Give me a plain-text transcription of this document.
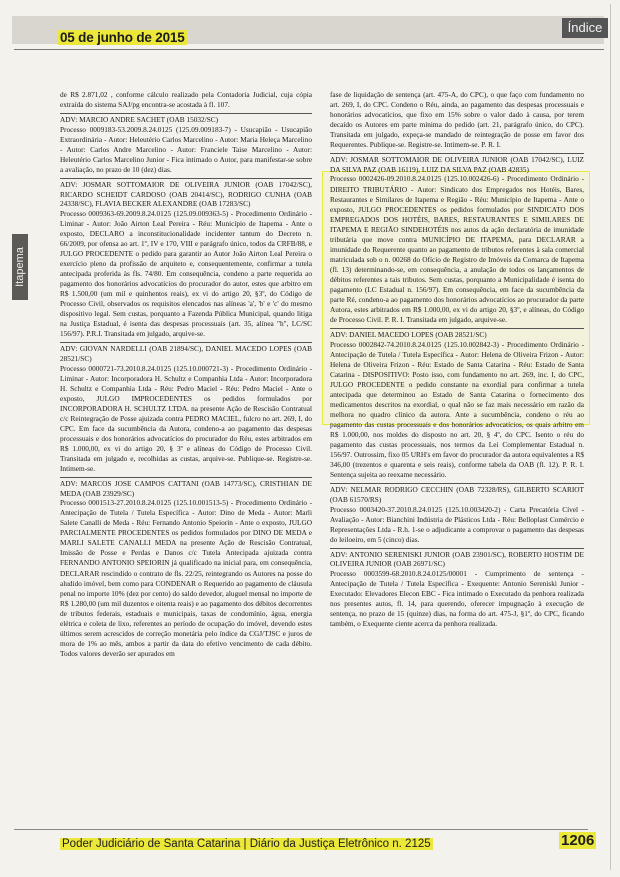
Índice
05 de junho de 2015
Itapema

de R$ 2.871,02 , conforme cálculo realizado pela Contadoria Judicial, cuja cópia extraída do sistema SAJ/pg encontra-se acostada à fl. 107.

ADV: MARCIO ANDRE SACHET (OAB 15032/SC)

Processo 0009183-53.2009.8.24.0125 (125.09.009183-7) - Usucapião - Usucapião Extraordinária - Autor: Heleutério Carlos Marcelino - Autor: Maria Heleça Marcelino - Autor: Carlos Andre Marcelino - Autor: Franciele Taise Marcelino - Autor: Heleutério Carlos Marcelino Junior - Fica intimado o Autor, para manifestar-se sobre a avaliação, no prazo de 10 (dez) dias.

ADV: JOSMAR SOTTOMAIOR DE OLIVEIRA JUNIOR (OAB 17042/SC), RICARDO SCHEIDT CARDOSO (OAB 20414/SC), RODRIGO CUNHA (OAB 24338/SC), FLAVIA BECKER ALEXANDRE (OAB 17283/SC)

Processo 0009363-69.2009.8.24.0125 (125.09.009363-5) - Procedimento Ordinário - Liminar - Autor: João Airton Leal Pereira - Réu: Município de Itapema - Ante o exposto, DECLARO a inconstitucionalidade incidenter tantum do Decreto n. 66/2009, por ofensa ao art. 1º, IV e 170, VIII e parágrafo único, todos da CRFB/88, e JULGO PROCEDENTE o pedido para garantir ao Autor João Airton Leal Pereira o exercício pleno da profissão de arquiteto e, consequentemente, confirmar a tutela antecipada proferida às fls. 74/80. Em consequência, condeno a parte requerida ao pagamento dos honorários advocatícios do procurador do autor, estes que arbitro em R$ 1.500,00 (um mil e quinhentos reais), ex vi do artigo 20, §3º, do Código de Processo Civil, observados os requisitos elencados nas alíneas 'a', 'b' e 'c' do mesmo dispositivo legal. Sem custas, porquanto a Fazenda Pública Municipal, quando litiga na Justiça Estadual, é isenta das despesas processuais (art. 35, alínea "h", LC/SC 156/97). P.R.I. Transitada em julgado, arquive-se.

ADV: GIOVAN NARDELLI (OAB 21894/SC), DANIEL MACEDO LOPES (OAB 28521/SC)

Processo 0000721-73.2010.8.24.0125 (125.10.000721-3) - Procedimento Ordinário - Liminar - Autor: Incorporadora H. Schultz e Companhia Ltda - Autor: Incorporadora H. Schultz e Companhia Ltda - Réu: Pedro Maciel - Réu: Pedro Maciel - Ante o exposto, JULGO IMPROCEDENTES os pedidos formulados por INCORPORADORA H. SCHULTZ LTDA. na presente Ação de Rescisão Contratual c/c Reintegração de Posse ajuizada contra PEDRO MACIEL, fulcro no art. 269, I, do CPC. Em face da sucumbência da Autora, condeno-a ao pagamento das despesas processuais e dos honorários advocatícios do procurador do Réu, estes arbitrados em R$ 1.000,00, ex vi do artigo 20, § 3º e alíneas do Código de Processo Civil. Transitada em julgado e, recolhidas as custas, arquive-se. Publique-se. Registre-se. Intimem-se.

ADV: MARCOS JOSE CAMPOS CATTANI (OAB 14773/SC), CRISTHIAN DE MEDA (OAB 23929/SC)

Processo 0001513-27.2010.8.24.0125 (125.10.001513-5) - Procedimento Ordinário - Antecipação de Tutela / Tutela Específica - Autor: Dino de Meda - Autor: Marli Salete Canalli de Meda - Réu: Fernando Antonio Speiorin - Ante o exposto, JULGO PARCIALMENTE PROCEDENTES os pedidos formulados por DINO DE MEDA e MARLI SALETE CANALLI MEDA na presente Ação de Rescisão Contratual, Imissão de Posse e Perdas e Danos c/c Tutela Antecipada ajuizada contra FERNANDO ANTONIO SPEIORIN já qualificado na inicial para, em consequência, DECLARAR rescindido o contrato de fls. 22/25, reintegrando os Autores na posse do aludido imóvel, bem como para CONDENAR o Requerido ao pagamento de cláusula penal no importe 10% (dez por cento) do saldo devedor, aluguel mensal no importe de R$ 1.280,00 (um mil duzentos e oitenta reais) e ao pagamento dos débitos decorrentes de tributos federais, estaduais e municipais, taxas de condomínio, água, energia elétrica e coleta de lixo, referentes ao período de ocupação do imóvel, devendo estes últimos serem acrescidos de correção monetária pelo índice da CGJ/TJSC e juros de mora de 1% ao mês, ambos a partir da data do efetivo vencimento de cada débito. Todos valores deverão ser apurados em

fase de liquidação de sentença (art. 475-A, do CPC), o que faço com fundamento no art. 269, I, do CPC. Condeno o Réu, ainda, ao pagamento das despesas processuais e honorários advocatícios, que fixo em 15% sobre o valor dado à causa, por terem decaído os Autores em parte mínima do pedido (art. 21, parágrafo único, do CPC). Transitada em julgado, expeça-se mandado de reintegração de posse em favor dos Requerentes. Publique-se. Registre-se. Intimem-se. P. R. I.

ADV: JOSMAR SOTTOMAIOR DE OLIVEIRA JUNIOR (OAB 17042/SC), LUIZ DA SILVA PAZ (OAB 16119), LUIZ DA SILVA PAZ (OAB 42835)

Processo 0002426-09.2010.8.24.0125 (125.10.002426-6) - Procedimento Ordinário - DIREITO TRIBUTÁRIO - Autor: Sindicato dos Empregados nos Hotéis, Bares, Restaurantes e Similares de Itapema e Região - Réu: Município de Itapema - Ante o exposto, JULGO PROCEDENTES os pedidos formulados por SINDICATO DOS EMPREGADOS DOS HOTÉIS, BARES, RESTAURANTES E SIMILARES DE ITAPEMA E REGIÃO SINDEHOTÉIS nos autos da ação declaratória de imunidade tributária que move contra MUNICÍPIO DE ITAPEMA, para DECLARAR a imunidade do Requerente quanto ao pagamento de tributos referentes à sala comercial matriculada sob o n. 00268 do Ofício de Registro de Imóveis da Comarca de Itapema (fl. 13) determinando-se, em consequência, a anulação de todos os lançamentos de débitos referentes a tais tributos. Sem custas, porquanto a Municipalidade é isenta do pagamento (LC Estadual n. 156/97). Em consequência, em face da sucumbência da parte Ré, condeno-a ao pagamento dos honorários advocatícios ao procurador da parte Autora, estes arbitrados em R$ 1.000,00, ex vi do artigo 20, §3º, e alíneas, do Código de Processo Civil. P. R. I. Transitada em julgado, arquive-se.

ADV: DANIEL MACEDO LOPES (OAB 28521/SC)

Processo 0002842-74.2010.8.24.0125 (125.10.002842-3) - Procedimento Ordinário - Antecipação de Tutela / Tutela Específica - Autor: Helena de Oliveira Frizon - Autor: Helena de Oliveira Frizon - Réu: Estado de Santa Catarina - Réu: Estado de Santa Catarina - DISPOSITIVO: Posto isso, com fundamento no art. 269, inc. I, do CPC, JULGO PROCEDENTE o pedido constante na exordial para confirmar a tutela antecipada que determinou ao Estado de Santa Catarina o fornecimento dos medicamentos descritos na exordial, o qual não se faz mais necessário em razão da melhora no quadro clínico da autora. Ante a sucumbência, condeno o réu ao pagamento das custas processuais e dos honorários advocatícios, os quais arbitro em R$ 1.000,00, nos moldes do disposto no art. 20, § 4º, do CPC. Isento o réu do pagamento das custas processuais, nos termos da Lei Complementar Estadual n. 156/97. Outrossim, fixo 05 URH's em favor do procurador da autora equivalentes a R$ 346,00 (trezentos e quarenta e seis reais), conforme tabela da OAB (fl. 12). P. R. I. Sentença sujeita ao reexame necessário.

ADV: NELMAR RODRIGO CECCHIN (OAB 72328/RS), GILBERTO SCARIOT (OAB 61570/RS)

Processo 0003420-37.2010.8.24.0125 (125.10.003420-2) - Carta Precatória Cível - Avaliação - Autor: Bianchini Indústria de Plásticos Ltda - Réu: Belloplast Comércio e Representações Ltda - R.h. 1-se o adjudicante a comprovar o pagamento das despesas do leiloeiro, em 5 (cinco) dias.

ADV: ANTONIO SERENISKI JUNIOR (OAB 23901/SC), ROBERTO HOSTIM DE OLIVEIRA JUNIOR (OAB 26971/SC)

Processo 0003599-68.2010.8.24.0125/00001 - Cumprimento de sentença - Antecipação de Tutela / Tutela Específica - Exequente: Antonio Sereniski Junior - Executado: Elevadores Elecon EBC - Fica intimado o Executado da penhora realizada nos presentes autos, fl. 14, para querendo, oferecer impugnação à execução de sentença, no prazo de 15 (quinze) dias, na forma do art. 475-J, §1º, do CPC, ficando também, o Exequente ciente acerca da penhora realizada.

Poder Judiciário de Santa Catarina | Diário da Justiça Eletrônico n. 2125	1206
